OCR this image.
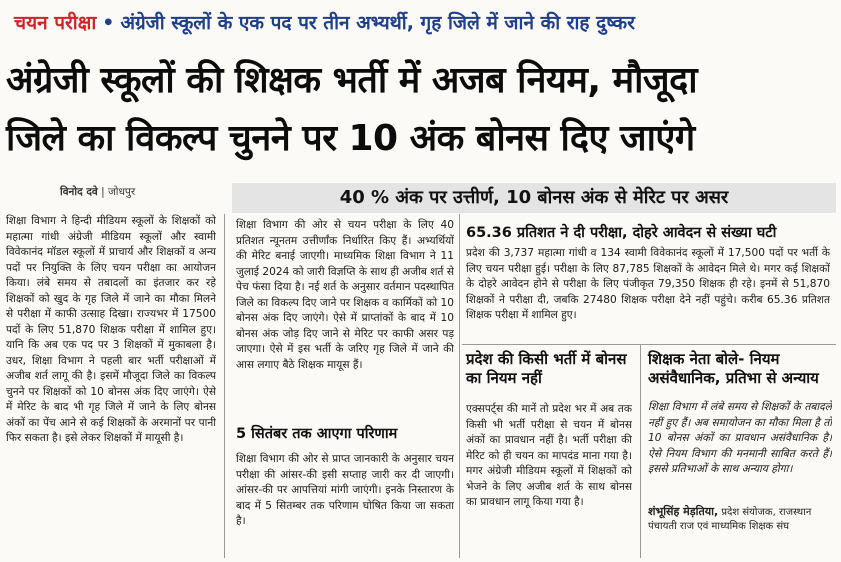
चयन परीक्षा • अंग्रेजी स्कूलों के एक पद पर तीन अभ्यर्थी, गृह जिले में जाने की राह दुष्कर
अंग्रेजी स्कूलों की शिक्षक भर्ती में अजब नियम, मौजूदा
जिले का विकल्प चुनने पर 10 अंक बोनस दिए जाएंगे
विनोद दवे | जोधपुर	40 % अंक पर उत्तीर्ण, 10 बोनस अंक से मेरिट पर असर
शिक्षा विभाग ने हिन्दी मीडियम स्कूलों के शिक्षकों को महात्मा गांधी अंग्रेजी मीडियम स्कूलों और स्वामी विवेकानंद मॉडल स्कूलों में प्राचार्य और शिक्षकों व अन्य पदों पर नियुक्ति के लिए चयन परीक्षा का आयोजन किया। लंबे समय से तबादलों का इंतजार कर रहे शिक्षकों को खुद के गृह जिले में जाने का मौका मिलने से परीक्षा में काफी उत्साह दिखा। राज्यभर में 17500 पदों के लिए 51,870 शिक्षक परीक्षा में शामिल हुए। यानि कि अब एक पद पर 3 शिक्षकों में मुकाबला है। उधर, शिक्षा विभाग ने पहली बार भर्ती परीक्षाओं में अजीब शर्त लागू की है। इसमें मौजूदा जिले का विकल्प चुनने पर शिक्षकों को 10 बोनस अंक दिए जाएंगे। ऐसे में मेरिट के बाद भी गृह जिले में जाने के लिए बोनस अंकों का पेंच आने से कई शिक्षकों के अरमानों पर पानी फिर सकता है। इसे लेकर शिक्षकों में मायूसी है।
शिक्षा विभाग की ओर से चयन परीक्षा के लिए 40 प्रतिशत न्यूनतम उत्तीर्णांक निर्धारित किए हैं। अभ्यर्थियों की मेरिट बनाई जाएगी। माध्यमिक शिक्षा विभाग ने 11 जुलाई 2024 को जारी विज्ञप्ति के साथ ही अजीब शर्त से पेच फंसा दिया है। नई शर्त के अनुसार वर्तमान पदस्थापित जिले का विकल्प दिए जाने पर शिक्षक व कार्मिकों को 10 बोनस अंक दिए जाएंगे। ऐसे में प्राप्तांकों के बाद में 10 बोनस अंक जोड़ दिए जाने से मेरिट पर काफी असर पड़ जाएगा। ऐसे में इस भर्ती के जरिए गृह जिले में जाने की आस लगाए बैठे शिक्षक मायूस हैं।
5 सितंबर तक आएगा परिणाम
शिक्षा विभाग की ओर से प्राप्त जानकारी के अनुसार चयन परीक्षा की आंसर-की इसी सप्ताह जारी कर दी जाएगी। आंसर-की पर आपत्तियां मांगी जाएंगी। इनके निस्तारण के बाद में 5 सितम्बर तक परिणाम घोषित किया जा सकता है।
65.36 प्रतिशत ने दी परीक्षा, दोहरे आवेदन से संख्या घटी
प्रदेश की 3,737 महात्मा गांधी व 134 स्वामी विवेकानंद स्कूलों में 17,500 पदों पर भर्ती के लिए चयन परीक्षा हुई। परीक्षा के लिए 87,785 शिक्षकों के आवेदन मिले थे। मगर कई शिक्षकों के दोहरे आवेदन होने से परीक्षा के लिए पंजीकृत 79,350 शिक्षक ही रहे। इनमें से 51,870 शिक्षकों ने परीक्षा दी, जबकि 27480 शिक्षक परीक्षा देने नहीं पहुंचे। करीब 65.36 प्रतिशत शिक्षक परीक्षा में शामिल हुए।
प्रदेश की किसी भर्ती में बोनस का नियम नहीं
एक्सपर्ट्स की मानें तो प्रदेश भर में अब तक किसी भी भर्ती परीक्षा से चयन में बोनस अंकों का प्रावधान नहीं है। भर्ती परीक्षा की मेरिट को ही चयन का मापदंड माना गया है। मगर अंग्रेजी मीडियम स्कूलों में शिक्षकों को भेजने के लिए अजीब शर्त के साथ बोनस का प्रावधान लागू किया गया है।
शिक्षक नेता बोले- नियम असंवैधानिक, प्रतिभा से अन्याय
शिक्षा विभाग में लंबे समय से शिक्षकों के तबादले नहीं हुए हैं। अब समायोजन का मौका मिला है तो 10 बोनस अंकों का प्रावधान असंवैधानिक है। ऐसे नियम विभाग की मनमानी साबित करते हैं। इससे प्रतिभाओं के साथ अन्याय होगा।
शंभूसिंह मेड़तिया, प्रदेश संयोजक, राजस्थान पंचायती राज एवं माध्यमिक शिक्षक संघ
